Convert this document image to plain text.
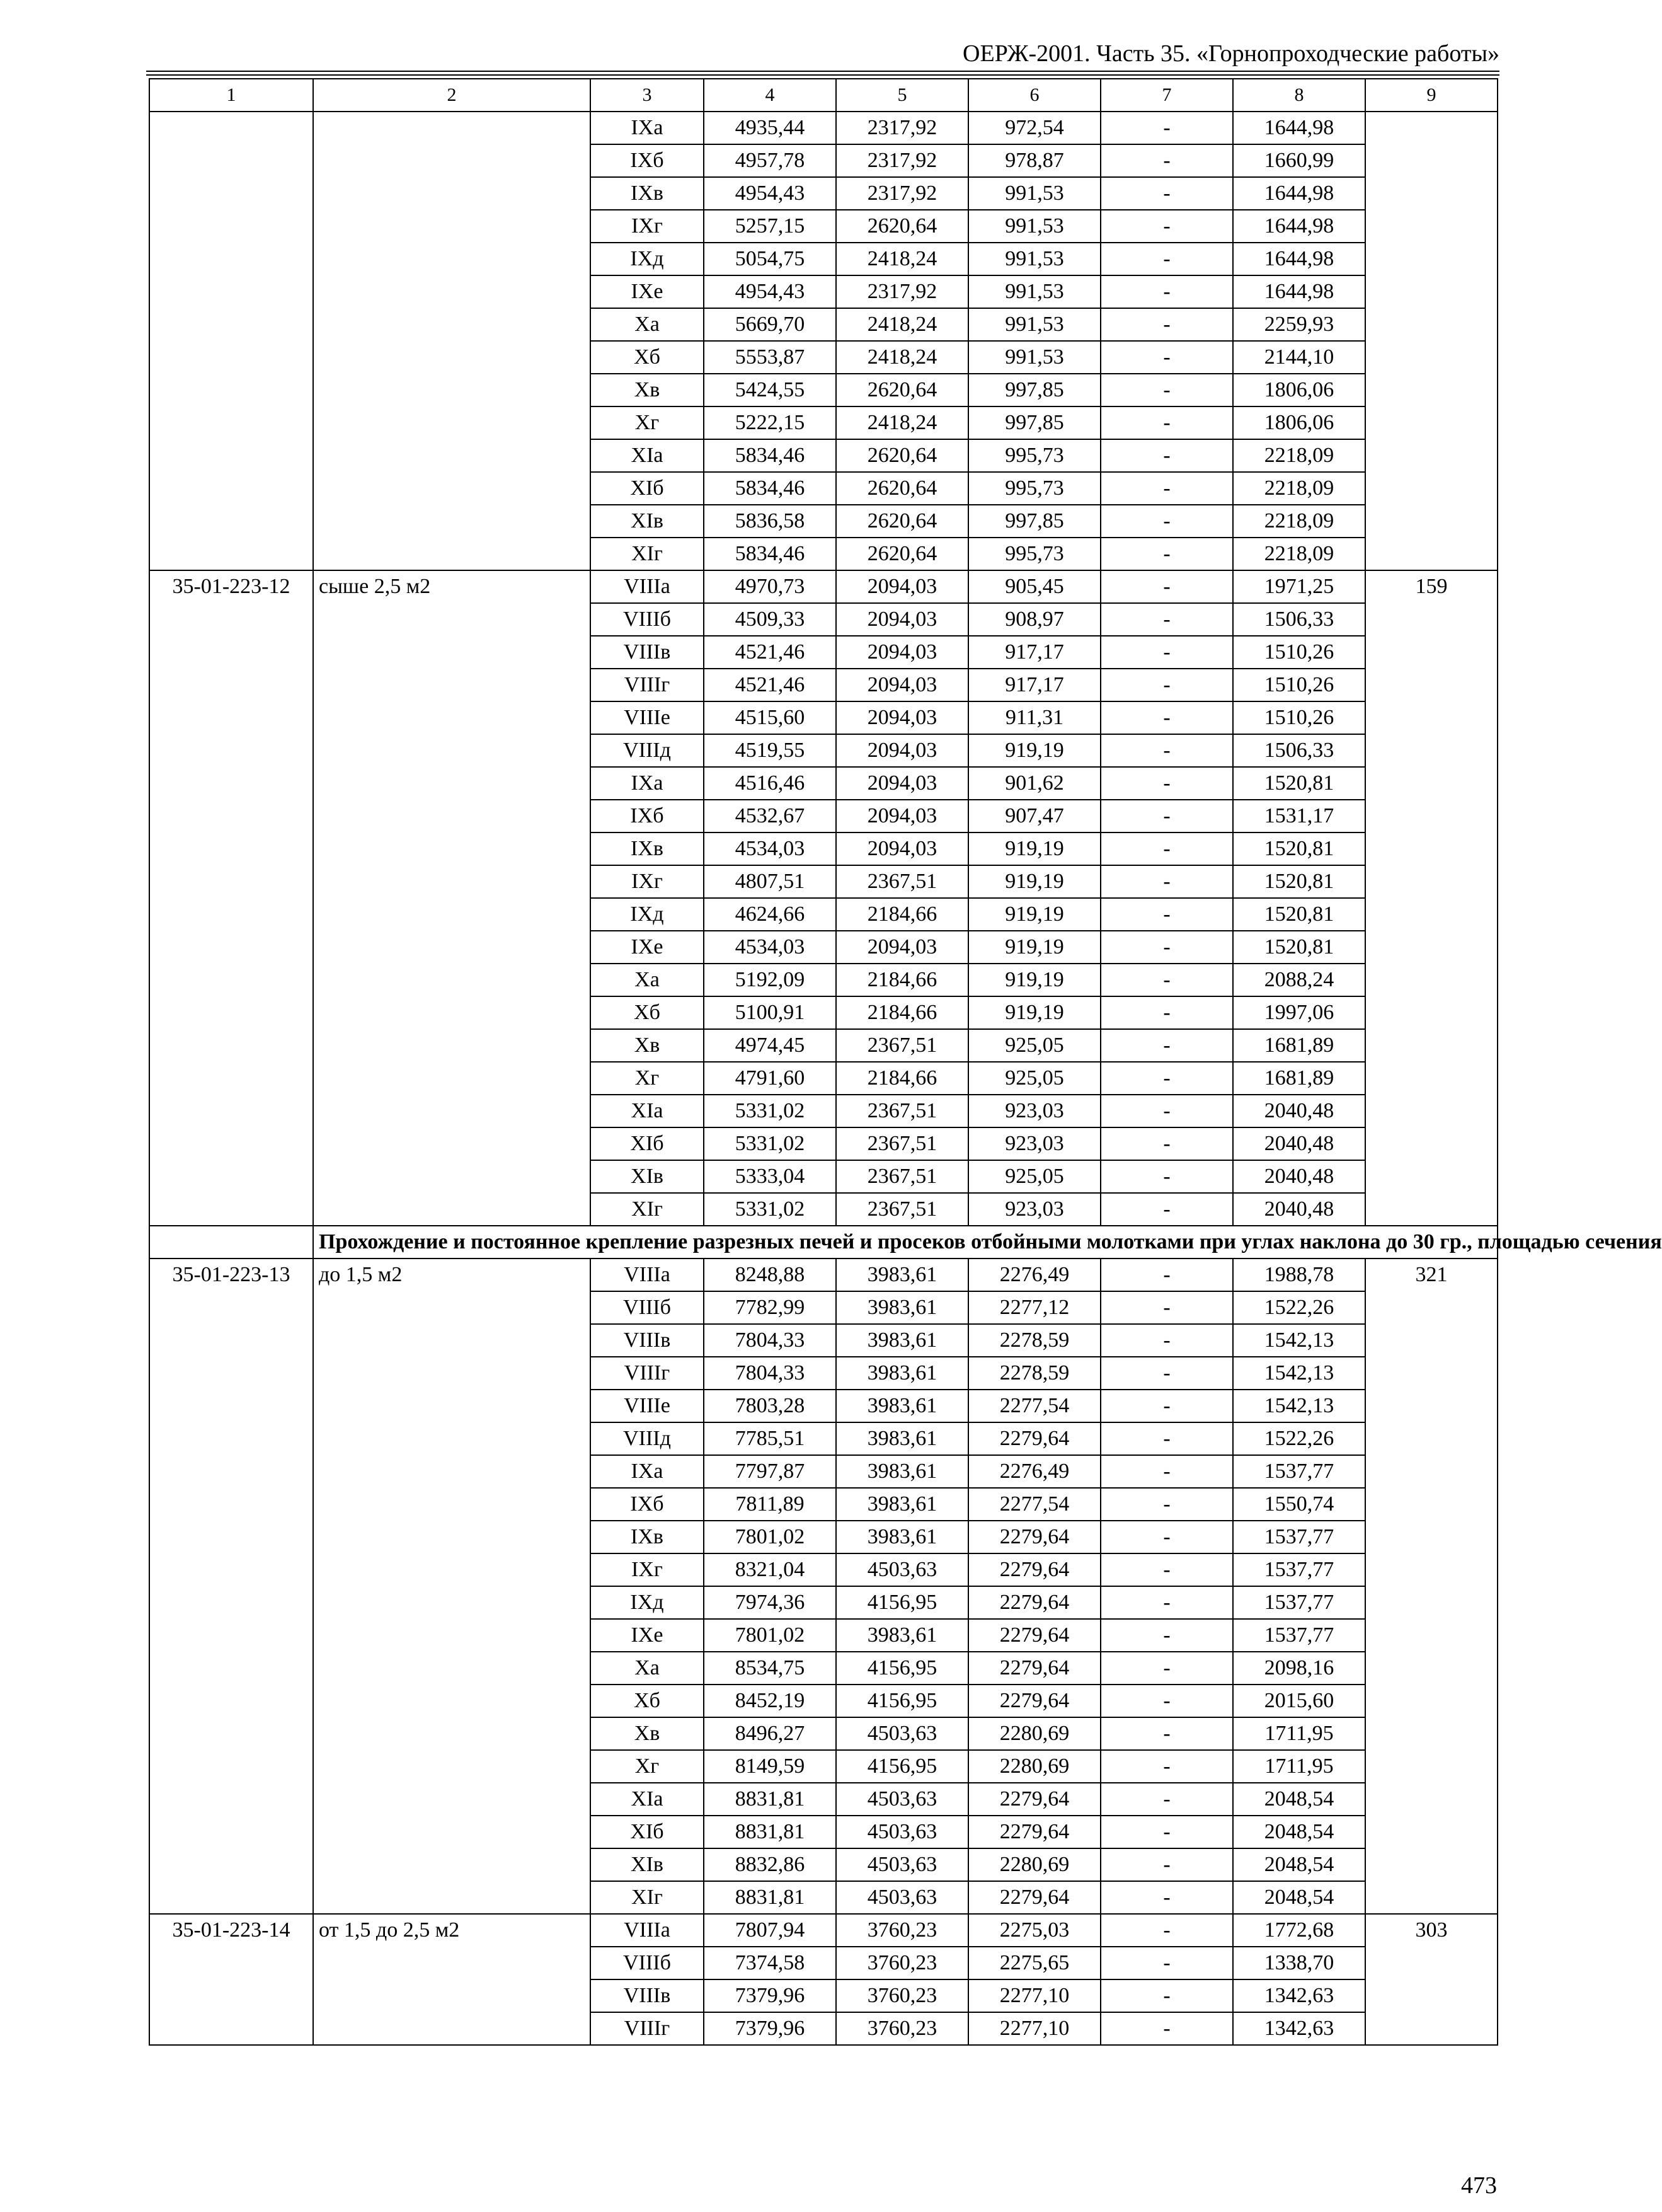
ОЕРЖ-2001. Часть 35. «Горнопроходческие работы»
1	2	3	4	5	6	7	8	9
		IХа	4935,44	2317,92	972,54	-	1644,98	
		IХб	4957,78	2317,92	978,87	-	1660,99	
		IХв	4954,43	2317,92	991,53	-	1644,98	
		IХг	5257,15	2620,64	991,53	-	1644,98	
		IХд	5054,75	2418,24	991,53	-	1644,98	
		IХе	4954,43	2317,92	991,53	-	1644,98	
		Ха	5669,70	2418,24	991,53	-	2259,93	
		Хб	5553,87	2418,24	991,53	-	2144,10	
		Хв	5424,55	2620,64	997,85	-	1806,06	
		Хг	5222,15	2418,24	997,85	-	1806,06	
		ХIа	5834,46	2620,64	995,73	-	2218,09	
		ХIб	5834,46	2620,64	995,73	-	2218,09	
		ХIв	5836,58	2620,64	997,85	-	2218,09	
		ХIг	5834,46	2620,64	995,73	-	2218,09	
35-01-223-12	сыше 2,5 м2	VIIIа	4970,73	2094,03	905,45	-	1971,25	159
		VIIIб	4509,33	2094,03	908,97	-	1506,33	
		VIIIв	4521,46	2094,03	917,17	-	1510,26	
		VIIIг	4521,46	2094,03	917,17	-	1510,26	
		VIIIе	4515,60	2094,03	911,31	-	1510,26	
		VIIIд	4519,55	2094,03	919,19	-	1506,33	
		IХа	4516,46	2094,03	901,62	-	1520,81	
		IХб	4532,67	2094,03	907,47	-	1531,17	
		IХв	4534,03	2094,03	919,19	-	1520,81	
		IХг	4807,51	2367,51	919,19	-	1520,81	
		IХд	4624,66	2184,66	919,19	-	1520,81	
		IХе	4534,03	2094,03	919,19	-	1520,81	
		Ха	5192,09	2184,66	919,19	-	2088,24	
		Хб	5100,91	2184,66	919,19	-	1997,06	
		Хв	4974,45	2367,51	925,05	-	1681,89	
		Хг	4791,60	2184,66	925,05	-	1681,89	
		ХIа	5331,02	2367,51	923,03	-	2040,48	
		ХIб	5331,02	2367,51	923,03	-	2040,48	
		ХIв	5333,04	2367,51	925,05	-	2040,48	
		ХIг	5331,02	2367,51	923,03	-	2040,48	
	Прохождение и постоянное крепление разрезных печей и просеков отбойными молотками при углах наклона до 30 гр., площадью сечения							
35-01-223-13	до 1,5 м2	VIIIа	8248,88	3983,61	2276,49	-	1988,78	321
		VIIIб	7782,99	3983,61	2277,12	-	1522,26	
		VIIIв	7804,33	3983,61	2278,59	-	1542,13	
		VIIIг	7804,33	3983,61	2278,59	-	1542,13	
		VIIIе	7803,28	3983,61	2277,54	-	1542,13	
		VIIIд	7785,51	3983,61	2279,64	-	1522,26	
		IХа	7797,87	3983,61	2276,49	-	1537,77	
		IХб	7811,89	3983,61	2277,54	-	1550,74	
		IХв	7801,02	3983,61	2279,64	-	1537,77	
		IХг	8321,04	4503,63	2279,64	-	1537,77	
		IХд	7974,36	4156,95	2279,64	-	1537,77	
		IХе	7801,02	3983,61	2279,64	-	1537,77	
		Ха	8534,75	4156,95	2279,64	-	2098,16	
		Хб	8452,19	4156,95	2279,64	-	2015,60	
		Хв	8496,27	4503,63	2280,69	-	1711,95	
		Хг	8149,59	4156,95	2280,69	-	1711,95	
		ХIа	8831,81	4503,63	2279,64	-	2048,54	
		ХIб	8831,81	4503,63	2279,64	-	2048,54	
		ХIв	8832,86	4503,63	2280,69	-	2048,54	
		ХIг	8831,81	4503,63	2279,64	-	2048,54	
35-01-223-14	от 1,5 до 2,5 м2	VIIIа	7807,94	3760,23	2275,03	-	1772,68	303
		VIIIб	7374,58	3760,23	2275,65	-	1338,70	
		VIIIв	7379,96	3760,23	2277,10	-	1342,63	
		VIIIг	7379,96	3760,23	2277,10	-	1342,63	
473
